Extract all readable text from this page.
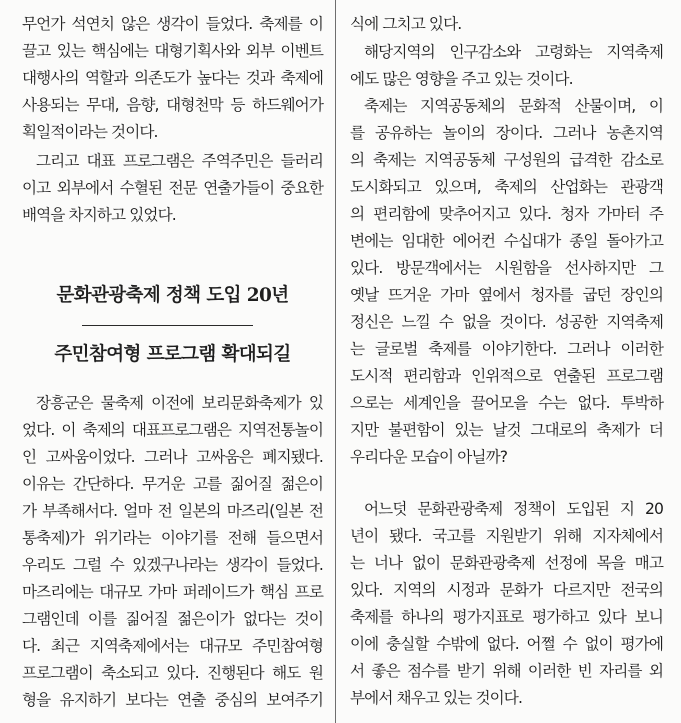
무언가 석연치 않은 생각이 들었다. 축제를 이
끌고 있는 핵심에는 대형기획사와 외부 이벤트
대행사의 역할과 의존도가 높다는 것과 축제에
사용되는 무대, 음향, 대형천막 등 하드웨어가
획일적이라는 것이다.
그리고 대표 프로그램은 주역주민은 들러리
이고 외부에서 수혈된 전문 연출가들이 중요한
배역을 차지하고 있었다.
문화관광축제 정책 도입 20년
주민참여형 프로그램 확대되길
장흥군은 물축제 이전에 보리문화축제가 있
었다. 이 축제의 대표프로그램은 지역전통놀이
인 고싸움이었다. 그러나 고싸움은 폐지됐다.
이유는 간단하다. 무거운 고를 짊어질 젊은이
가 부족해서다. 얼마 전 일본의 마즈리(일본 전
통축제)가 위기라는 이야기를 전해 들으면서
우리도 그럴 수 있겠구나라는 생각이 들었다.
마즈리에는 대규모 가마 퍼레이드가 핵심 프로
그램인데 이를 짊어질 젊은이가 없다는 것이
다. 최근 지역축제에서는 대규모 주민참여형
프로그램이 축소되고 있다. 진행된다 해도 원
형을 유지하기 보다는 연출 중심의 보여주기
식에 그치고 있다.
해당지역의 인구감소와 고령화는 지역축제
에도 많은 영향을 주고 있는 것이다.
축제는 지역공동체의 문화적 산물이며, 이
를 공유하는 놀이의 장이다. 그러나 농촌지역
의 축제는 지역공동체 구성원의 급격한 감소로
도시화되고 있으며, 축제의 산업화는 관광객
의 편리함에 맞추어지고 있다. 청자 가마터 주
변에는 임대한 에어컨 수십대가 종일 돌아가고
있다. 방문객에서는 시원함을 선사하지만 그
옛날 뜨거운 가마 옆에서 청자를 굽던 장인의
정신은 느낄 수 없을 것이다. 성공한 지역축제
는 글로벌 축제를 이야기한다. 그러나 이러한
도시적 편리함과 인위적으로 연출된 프로그램
으로는 세계인을 끌어모을 수는 없다. 투박하
지만 불편함이 있는 날것 그대로의 축제가 더
우리다운 모습이 아닐까?
어느덧 문화관광축제 정책이 도입된 지 20
년이 됐다. 국고를 지원받기 위해 지자체에서
는 너나 없이 문화관광축제 선정에 목을 매고
있다. 지역의 시정과 문화가 다르지만 전국의
축제를 하나의 평가지표로 평가하고 있다 보니
이에 충실할 수밖에 없다. 어쩔 수 없이 평가에
서 좋은 점수를 받기 위해 이러한 빈 자리를 외
부에서 채우고 있는 것이다.
